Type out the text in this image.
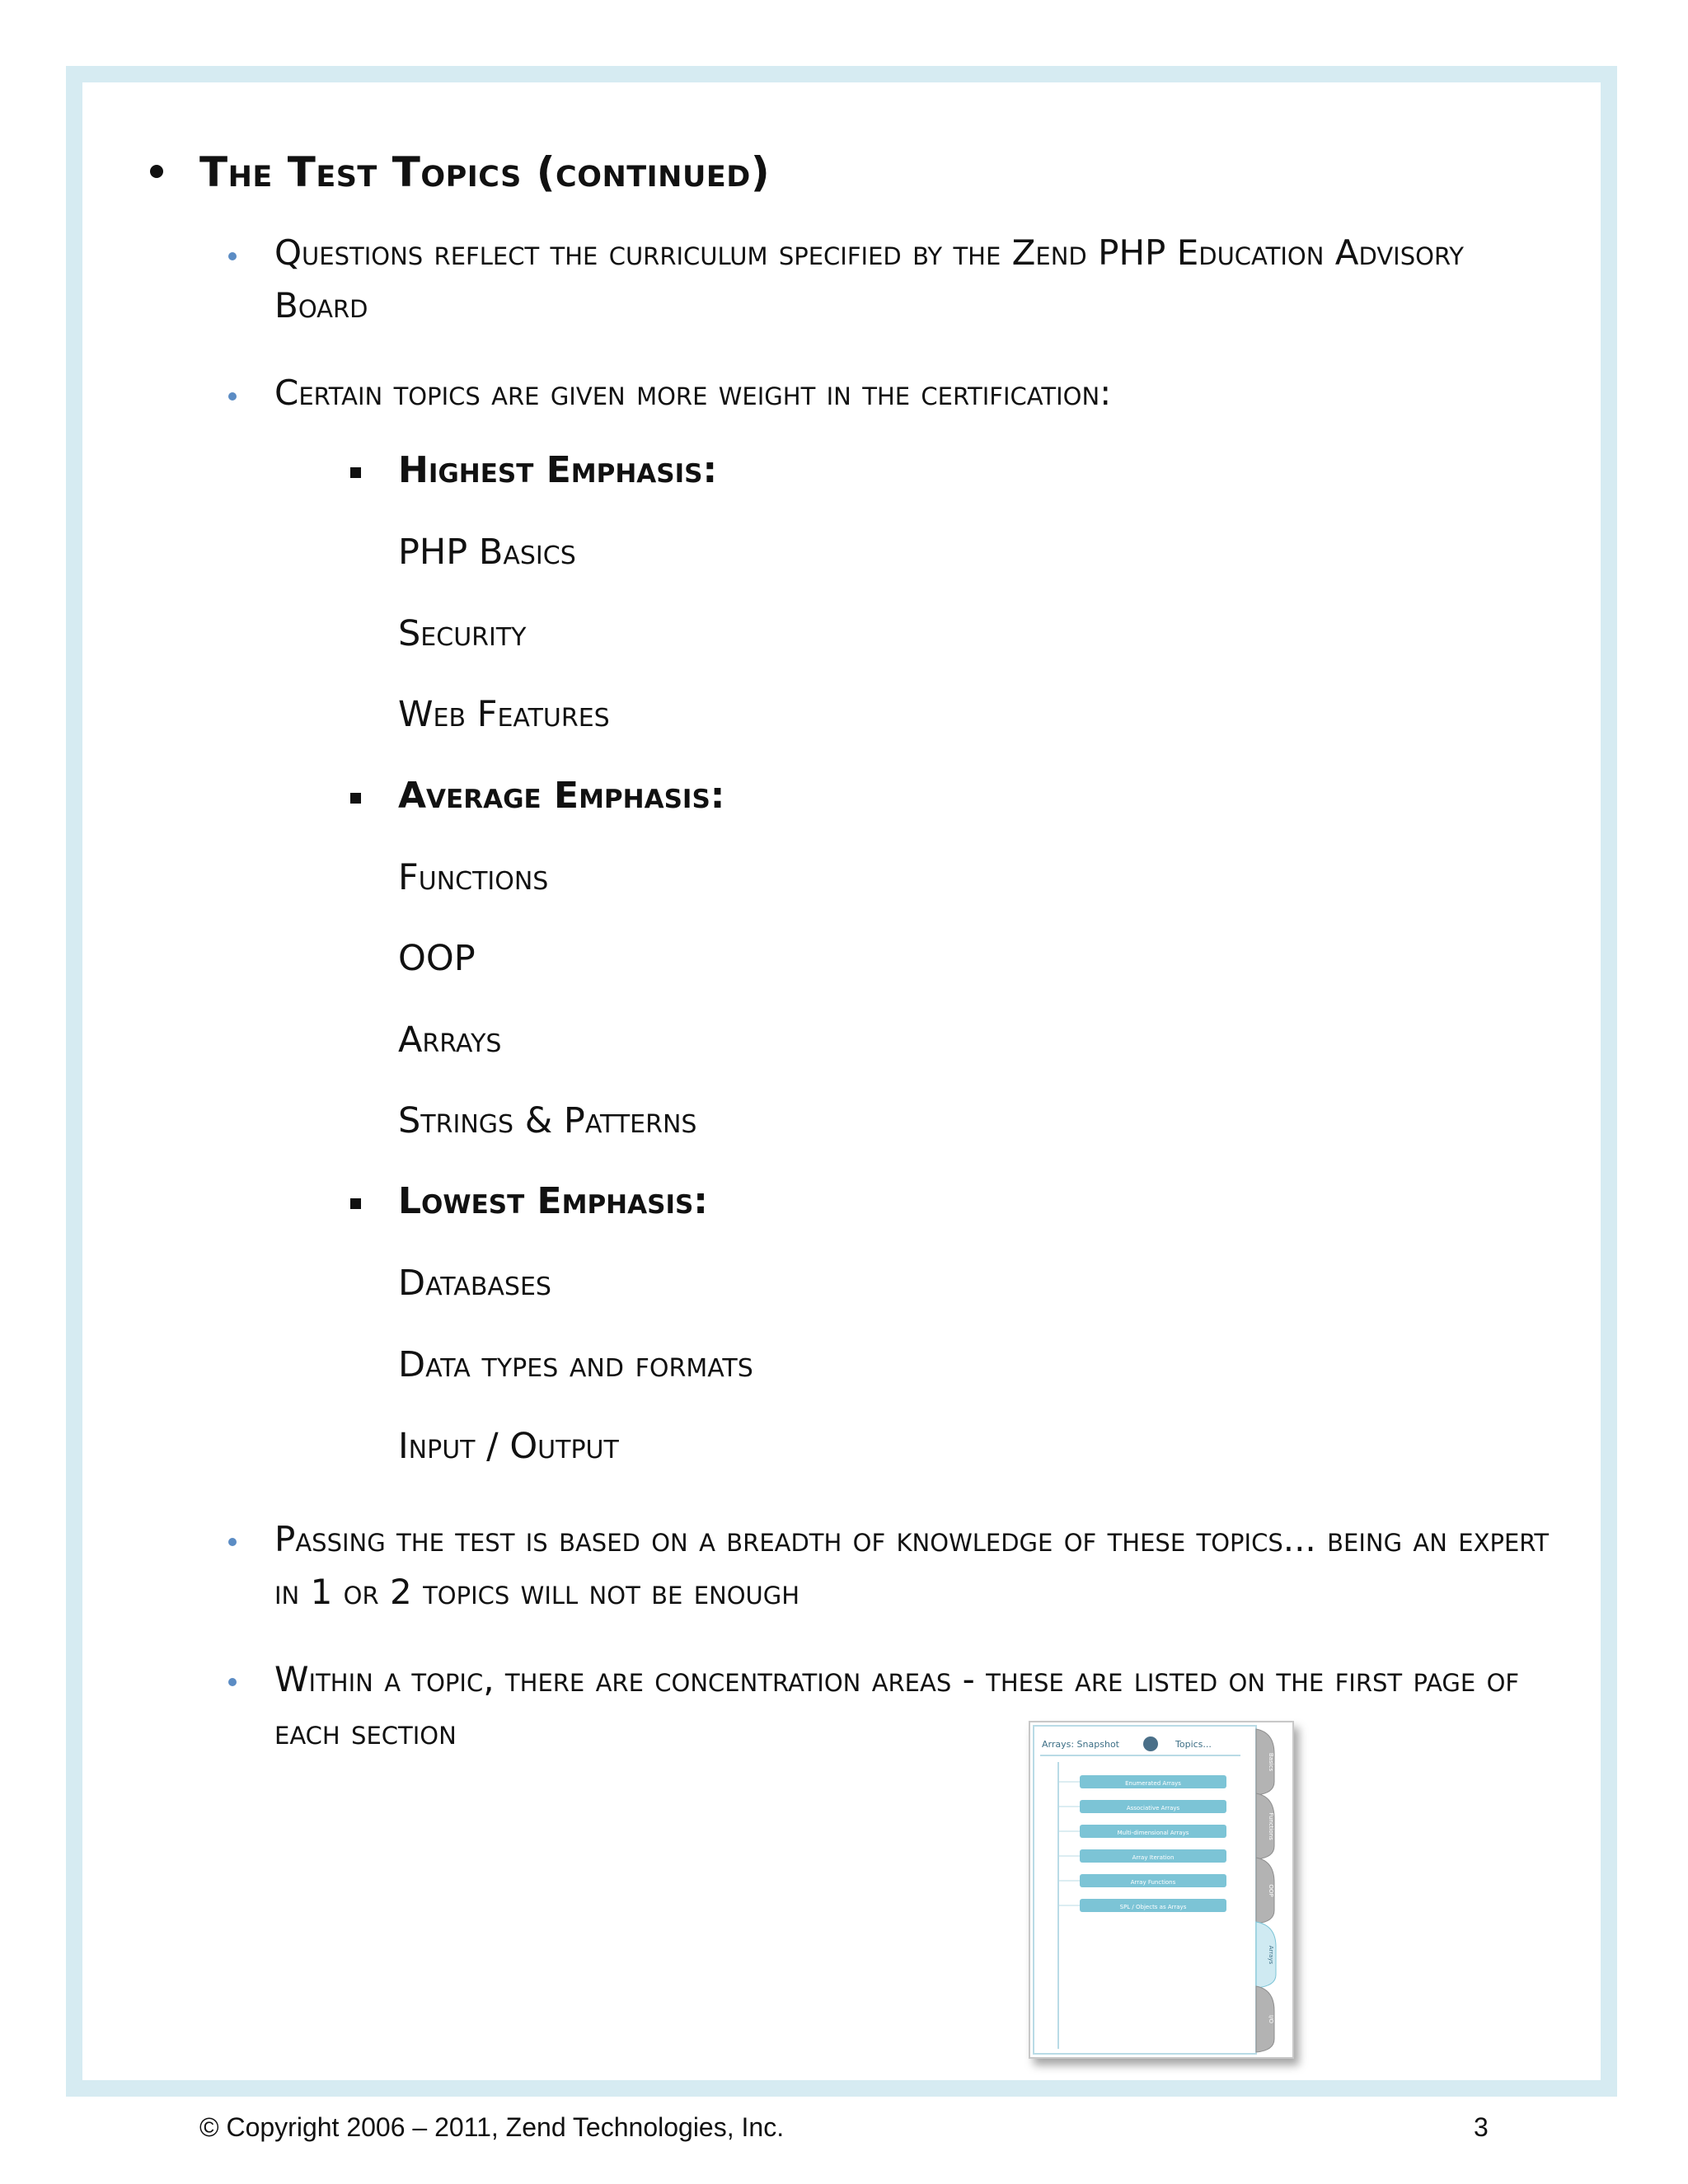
The Test Topics (continued)
Questions reflect the curriculum specified by the Zend PHP Education Advisory Board
Certain topics are given more weight in the certification:
Highest Emphasis:
PHP Basics
Security
Web Features
Average Emphasis:
Functions
OOP
Arrays
Strings & Patterns
Lowest Emphasis:
Databases
Data types and formats
Input / Output
Passing the test is based on a breadth of knowledge of these topics... being an expert in 1 or 2 topics will not be enough
Within a topic, there are concentration areas - these are listed on the first page of each section	Arrays: Snapshot	Topics...
Enumerated Arrays
Associative Arrays
Multi-dimensional Arrays
Array Iteration
Array Functions
SPL / Objects as Arrays
Basics
Functions
OOP
Arrays
I/O
© Copyright 2006 – 2011, Zend Technologies, Inc.	3
